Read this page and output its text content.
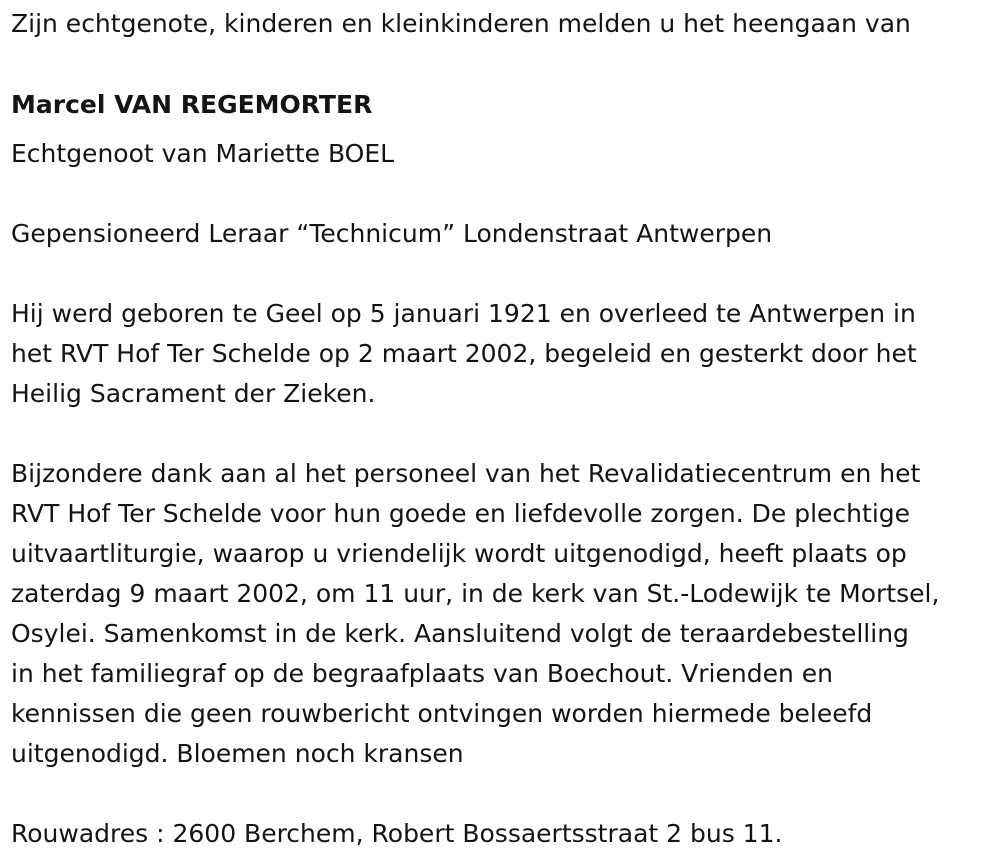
Zijn echtgenote, kinderen en kleinkinderen melden u het heengaan van
Marcel VAN REGEMORTER
Echtgenoot van Mariette BOEL
Gepensioneerd Leraar “Technicum” Londenstraat Antwerpen
Hij werd geboren te Geel op 5 januari 1921 en overleed te Antwerpen in
het RVT Hof Ter Schelde op 2 maart 2002, begeleid en gesterkt door het
Heilig Sacrament der Zieken.
Bijzondere dank aan al het personeel van het Revalidatiecentrum en het
RVT Hof Ter Schelde voor hun goede en liefdevolle zorgen. De plechtige
uitvaartliturgie, waarop u vriendelijk wordt uitgenodigd, heeft plaats op
zaterdag 9 maart 2002, om 11 uur, in de kerk van St.-Lodewijk te Mortsel,
Osylei. Samenkomst in de kerk. Aansluitend volgt de teraardebestelling
in het familiegraf op de begraafplaats van Boechout. Vrienden en
kennissen die geen rouwbericht ontvingen worden hiermede beleefd
uitgenodigd. Bloemen noch kransen
Rouwadres : 2600 Berchem, Robert Bossaertsstraat 2 bus 11.
